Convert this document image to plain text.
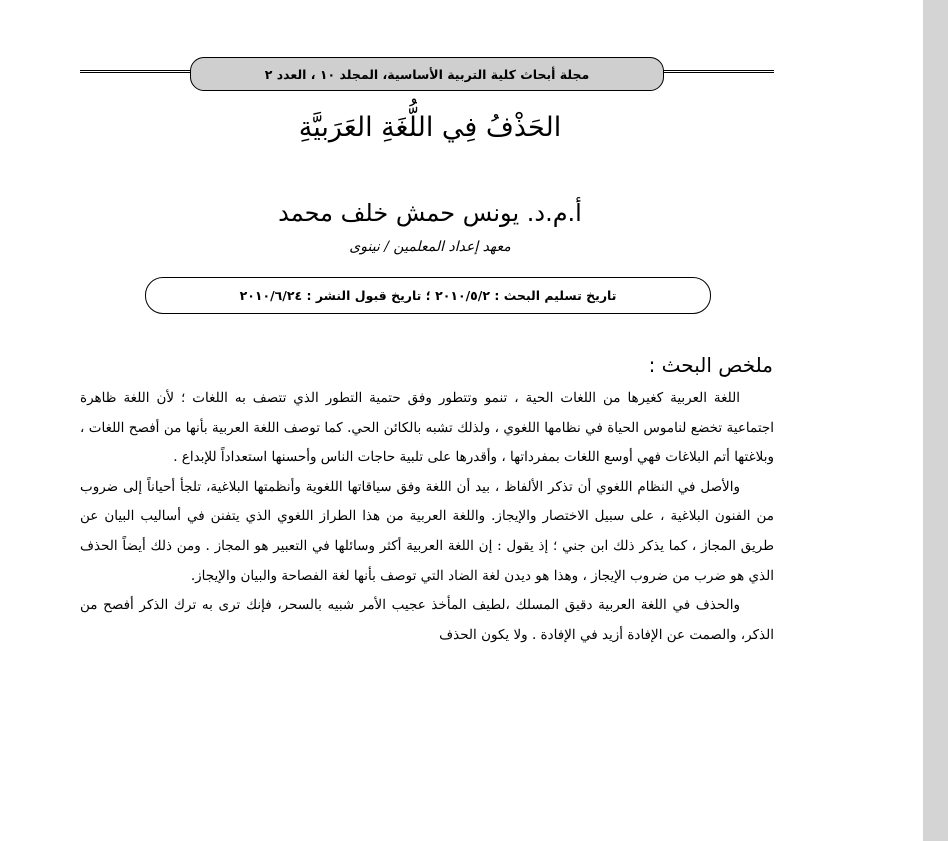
مجلة أبحاث كلية التربية الأساسية، المجلد ١٠ ، العدد ٢
الحَذْفُ فِي اللُّغَةِ العَرَبيَّةِ
أ.م.د. يونس حمش خلف محمد
معهد إعداد المعلمين / نينوى
تاريخ تسليم البحث : ٢٠١٠/٥/٢ ؛ تاريخ قبول النشر : ٢٠١٠/٦/٢٤
ملخص البحث :

اللغة العربية كغيرها من اللغات الحية ، تنمو وتتطور وفق حتمية التطور الذي تتصف به اللغات ؛ لأن اللغة ظاهرة اجتماعية تخضع لناموس الحياة في نظامها اللغوي ، ولذلك تشبه بالكائن الحي. كما توصف اللغة العربية بأنها من أفصح اللغات ، وبلاغتها أتم البلاغات فهي أوسع اللغات بمفرداتها ، وأقدرها على تلبية حاجات الناس وأحسنها استعداداً للإبداع .

والأصل في النظام اللغوي أن تذكر الألفاظ ، بيد أن اللغة وفق سياقاتها اللغوية وأنظمتها البلاغية، تلجأ أحياناً إلى ضروب من الفنون البلاغية ، على سبيل الاختصار والإيجاز. واللغة العربية من هذا الطراز اللغوي الذي يتفنن في أساليب البيان عن طريق المجاز ، كما يذكر ذلك ابن جني ؛ إذ يقول : إن اللغة العربية أكثر وسائلها في التعبير هو المجاز . ومن ذلك أيضاً الحذف الذي هو ضرب من ضروب الإيجاز ، وهذا هو ديدن لغة الضاد التي توصف بأنها لغة الفصاحة والبيان والإيجاز.

والحذف في اللغة العربية دقيق المسلك ،لطيف المأخذ عجيب الأمر شبيه بالسحر، فإنك ترى به ترك الذكر أفصح من الذكر، والصمت عن الإفادة أزيد في الإفادة . ولا يكون الحذف
